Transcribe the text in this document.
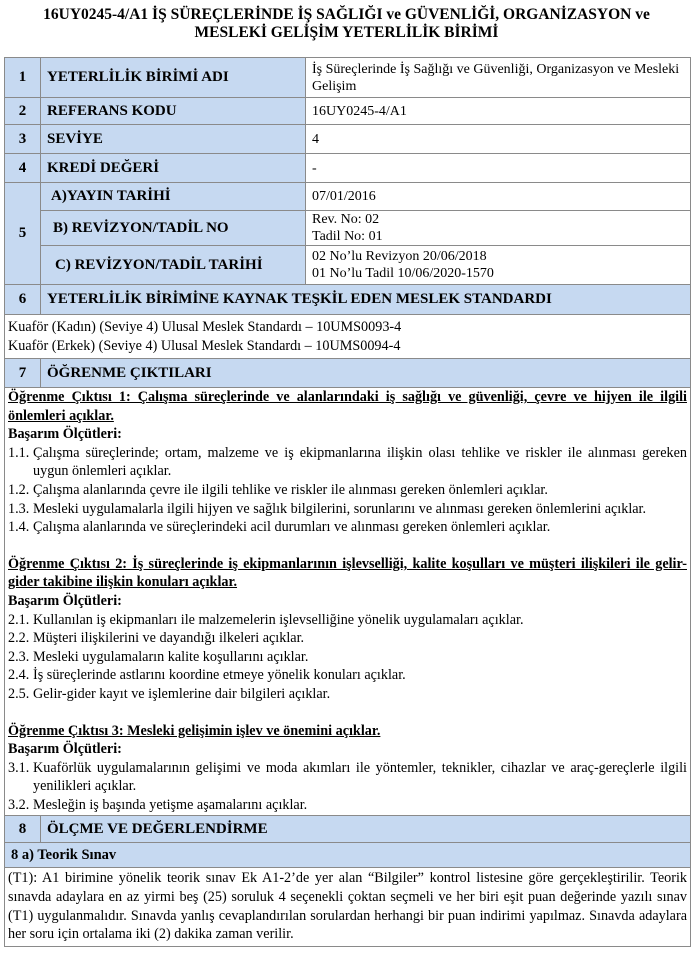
16UY0245-4/A1 İŞ SÜREÇLERİNDE İŞ SAĞLIĞI ve GÜVENLİĞİ, ORGANİZASYON ve
MESLEKİ GELİŞİM YETERLİLİK BİRİMİ
1	YETERLİLİK BİRİMİ ADI	İş Süreçlerinde İş Sağlığı ve Güvenliği, Organizasyon ve Mesleki Gelişim
2	REFERANS KODU	16UY0245-4/A1
3	SEVİYE	4
4	KREDİ DEĞERİ	-
5	A)YAYIN TARİHİ	07/01/2016
	B) REVİZYON/TADİL NO	Rev. No: 02
Tadil No: 01

	C) REVİZYON/TADİL TARİHİ	02 No’lu Revizyon 20/06/2018
01 No’lu Tadil 10/06/2020-1570

6	YETERLİLİK BİRİMİNE KAYNAK TEŞKİL EDEN MESLEK STANDARDI	

Kuaför (Kadın) (Seviye 4) Ulusal Meslek Standardı – 10UMS0093-4
Kuaför (Erkek) (Seviye 4) Ulusal Meslek Standardı – 10UMS0094-4		

7	ÖĞRENME ÇIKTILARI	

Öğrenme Çıktısı 1: Çalışma süreçlerinde ve alanlarındaki iş sağlığı ve güvenliği, çevre ve hijyen ile ilgili önlemleri açıklar.
Başarım Ölçütleri:
1.1. Çalışma süreçlerinde; ortam, malzeme ve iş ekipmanlarına ilişkin olası tehlike ve riskler ile alınması gereken uygun önlemleri açıklar.
1.2. Çalışma alanlarında çevre ile ilgili tehlike ve riskler ile alınması gereken önlemleri açıklar.
1.3. Mesleki uygulamalarla ilgili hijyen ve sağlık bilgilerini, sorunlarını ve alınması gereken önlemlerini açıklar.
1.4. Çalışma alanlarında ve süreçlerindeki acil durumları ve alınması gereken önlemleri açıklar.
Öğrenme Çıktısı 2: İş süreçlerinde iş ekipmanlarının işlevselliği, kalite koşulları ve müşteri ilişkileri ile gelir-gider takibine ilişkin konuları açıklar.
Başarım Ölçütleri:
2.1. Kullanılan iş ekipmanları ile malzemelerin işlevselliğine yönelik uygulamaları açıklar.
2.2. Müşteri ilişkilerini ve dayandığı ilkeleri açıklar.
2.3. Mesleki uygulamaların kalite koşullarını açıklar.
2.4. İş süreçlerinde astlarını koordine etmeye yönelik konuları açıklar.
2.5. Gelir-gider kayıt ve işlemlerine dair bilgileri açıklar.
Öğrenme Çıktısı 3: Mesleki gelişimin işlev ve önemini açıklar.
Başarım Ölçütleri:
3.1. Kuaförlük uygulamalarının gelişimi ve moda akımları ile yöntemler, teknikler, cihazlar ve araç-gereçlerle ilgili yenilikleri açıklar.
3.2. Mesleğin iş başında yetişme aşamalarını açıklar.

8	ÖLÇME VE DEĞERLENDİRME	
8 a) Teorik Sınav		
(T1): A1 birimine yönelik teorik sınav Ek A1-2’de yer alan “Bilgiler” kontrol listesine göre gerçekleştirilir. Teorik sınavda adaylara en az yirmi beş (25) soruluk 4 seçenekli çoktan seçmeli ve her biri eşit puan değerinde yazılı sınav (T1) uygulanmalıdır. Sınavda yanlış cevaplandırılan sorulardan herhangi bir puan indirimi yapılmaz. Sınavda adaylara her soru için ortalama iki (2) dakika zaman verilir.		
